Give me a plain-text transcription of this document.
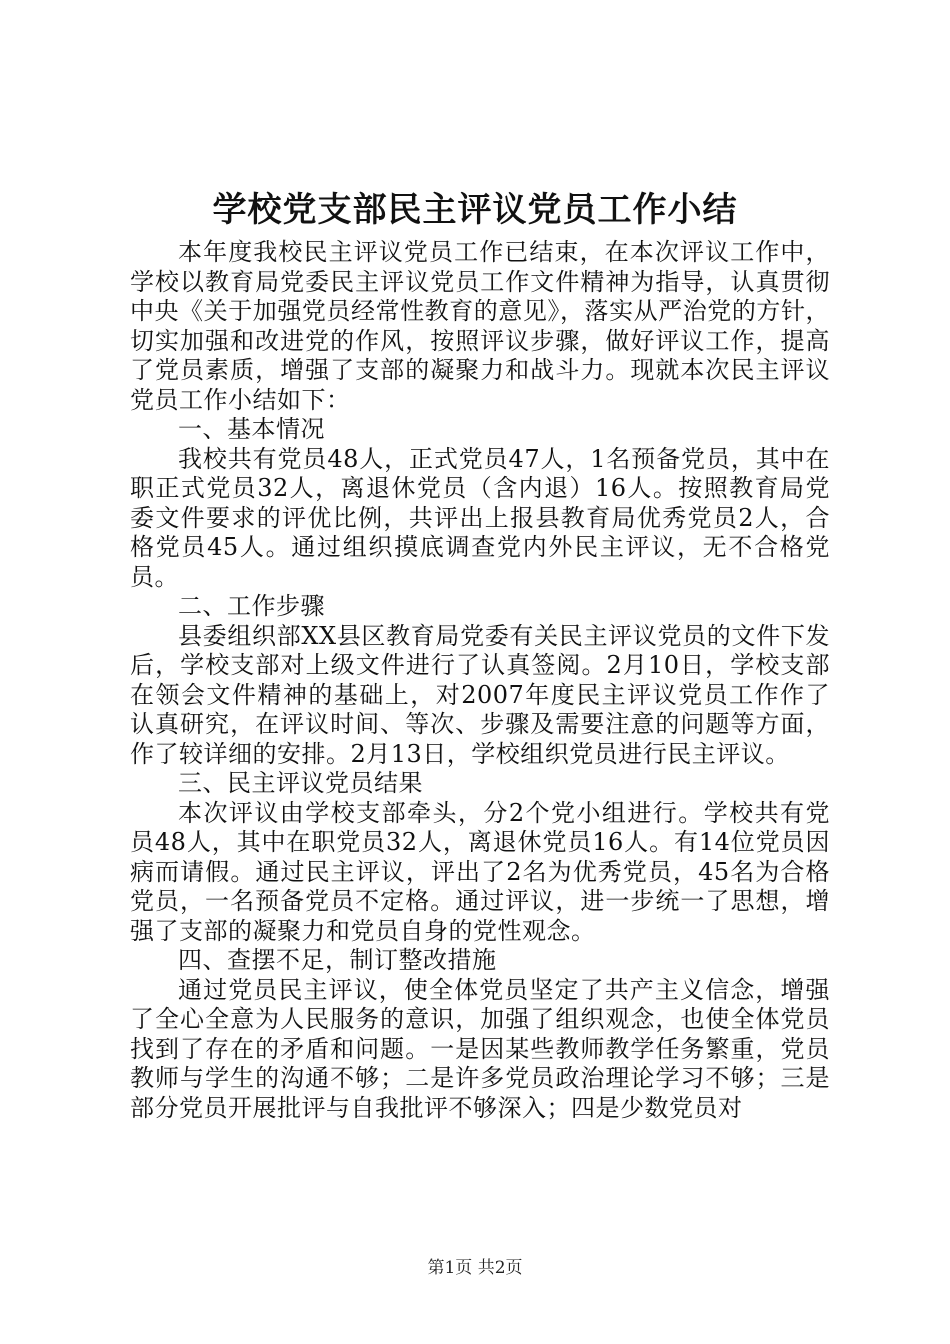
学校党支部民主评议党员工作小结

本年度我校民主评议党员工作已结束，在本次评议工作中，学校以教育局党委民主评议党员工作文件精神为指导，认真贯彻中央《关于加强党员经常性教育的意见》，落实从严治党的方针，切实加强和改进党的作风，按照评议步骤，做好评议工作，提高了党员素质，增强了支部的凝聚力和战斗力。现就本次民主评议党员工作小结如下：

一、基本情况

我校共有党员48人，正式党员47人，1名预备党员，其中在职正式党员32人，离退休党员（含内退）16人。按照教育局党委文件要求的评优比例，共评出上报县教育局优秀党员2人，合格党员45人。通过组织摸底调查党内外民主评议，无不合格党员。

二、工作步骤

县委组织部XX县区教育局党委有关民主评议党员的文件下发后，学校支部对上级文件进行了认真签阅。2月10日，学校支部在领会文件精神的基础上，对2007年度民主评议党员工作作了认真研究，在评议时间、等次、步骤及需要注意的问题等方面，作了较详细的安排。2月13日，学校组织党员进行民主评议。

三、民主评议党员结果

本次评议由学校支部牵头，分2个党小组进行。学校共有党员48人，其中在职党员32人，离退休党员16人。有14位党员因病而请假。通过民主评议，评出了2名为优秀党员，45名为合格党员，一名预备党员不定格。通过评议，进一步统一了思想，增强了支部的凝聚力和党员自身的党性观念。

四、查摆不足，制订整改措施

通过党员民主评议，使全体党员坚定了共产主义信念，增强了全心全意为人民服务的意识，加强了组织观念，也使全体党员找到了存在的矛盾和问题。一是因某些教师教学任务繁重，党员教师与学生的沟通不够；二是许多党员政治理论学习不够；三是部分党员开展批评与自我批评不够深入；四是少数党员对

第1页 共2页
